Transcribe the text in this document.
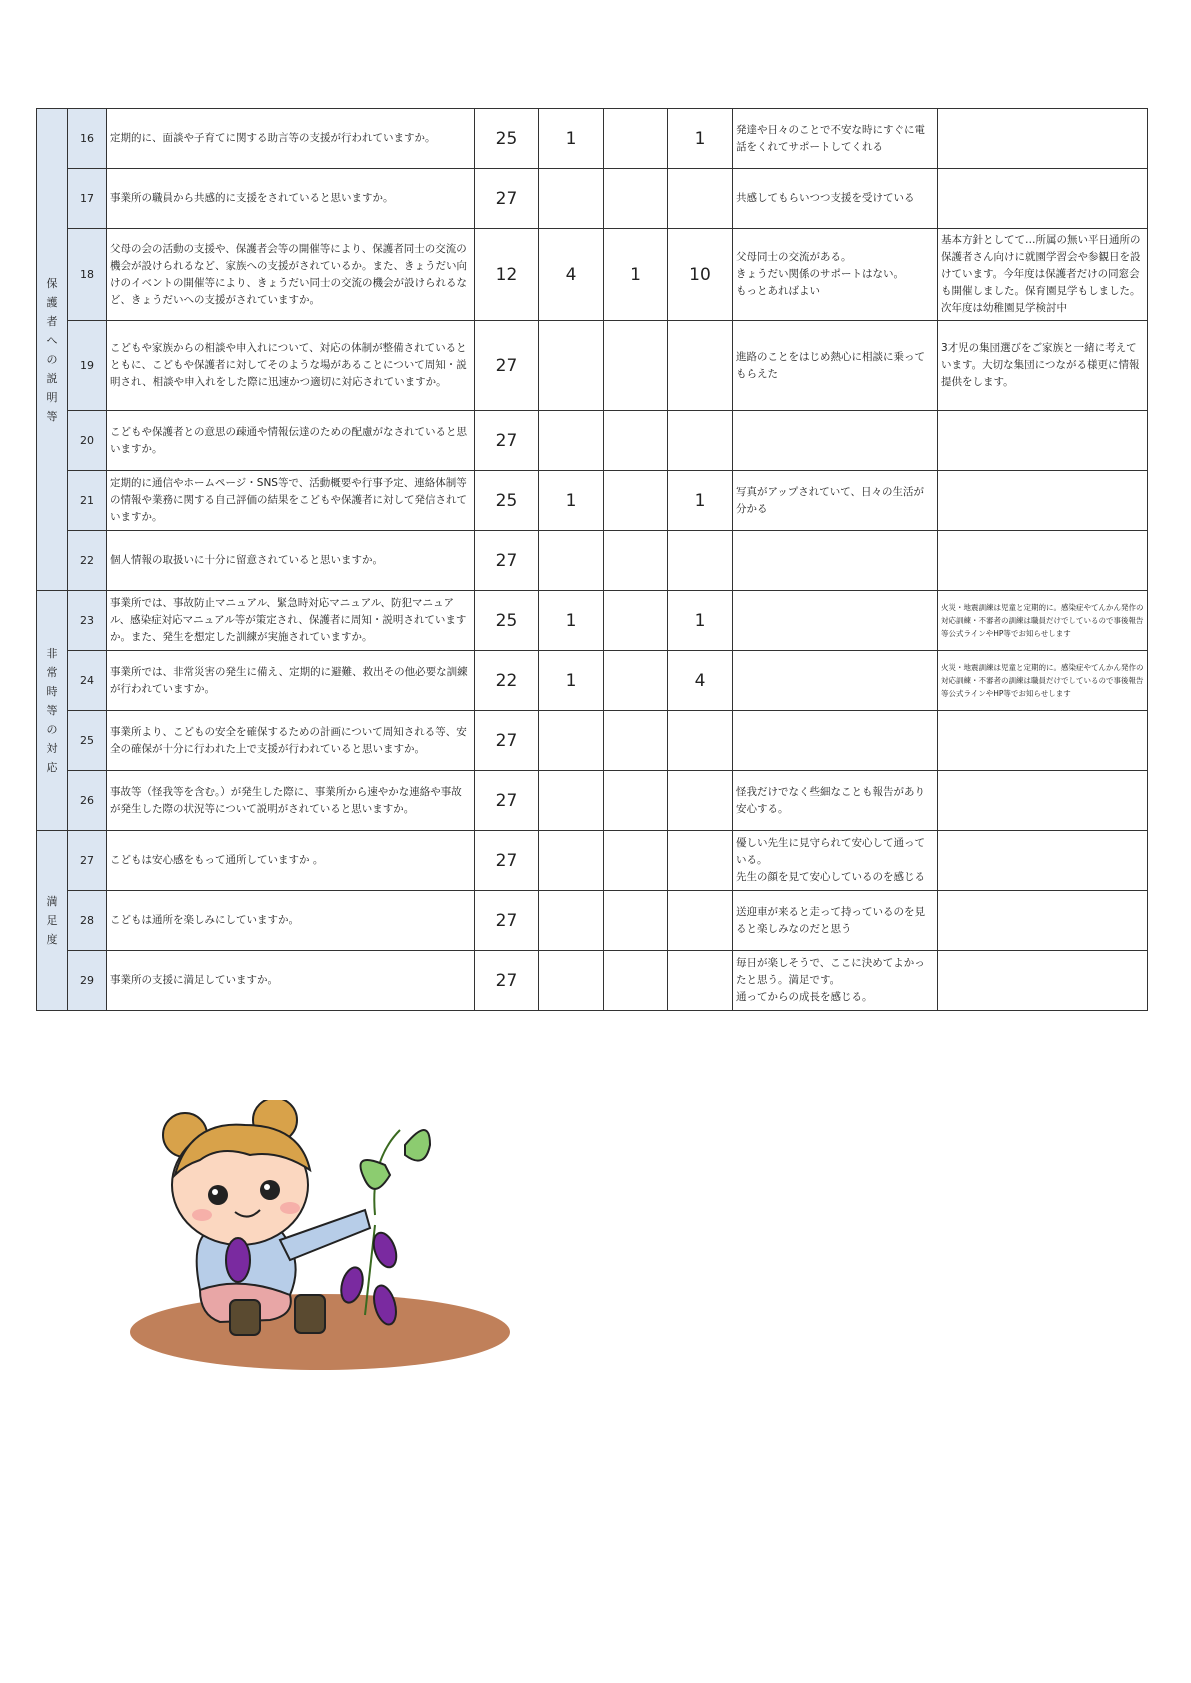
保護者への説明等	16	定期的に、面談や子育てに関する助言等の支援が行われていますか。	25	1		1	発達や日々のことで不安な時にすぐに電話をくれてサポートしてくれる	

	17	事業所の職員から共感的に支援をされていると思いますか。	27				共感してもらいつつ支援を受けている	

	18	父母の会の活動の支援や、保護者会等の開催等により、保護者同士の交流の機会が設けられるなど、家族への支援がされているか。また、きょうだい向けのイベントの開催等により、きょうだい同士の交流の機会が設けられるなど、きょうだいへの支援がされていますか。	12	4	1	10	父母同士の交流がある。
きょうだい関係のサポートはない。
もっとあればよい	基本方針としてて…所属の無い平日通所の保護者さん向けに就園学習会や参観日を設けています。今年度は保護者だけの同窓会も開催しました。保育園見学もしました。次年度は幼稚園見学検討中

	19	こどもや家族からの相談や申入れについて、対応の体制が整備されているとともに、こどもや保護者に対してそのような場があることについて周知・説明され、相談や申入れをした際に迅速かつ適切に対応されていますか。	27				進路のことをはじめ熱心に相談に乗ってもらえた	3才児の集団選びをご家族と一緒に考えています。大切な集団につながる様更に情報提供をします。

	20	こどもや保護者との意思の疎通や情報伝達のための配慮がなされていると思いますか。	27				

	21	定期的に通信やホームページ・SNS等で、活動概要や行事予定、連絡体制等の情報や業務に関する自己評価の結果をこどもや保護者に対して発信されていますか。	25	1		1	写真がアップされていて、日々の生活が分かる	

	22	個人情報の取扱いに十分に留意されていると思いますか。	27				

非常時等の対応	23	事業所では、事故防止マニュアル、緊急時対応マニュアル、防犯マニュアル、感染症対応マニュアル等が策定され、保護者に周知・説明されていますか。また、発生を想定した訓練が実施されていますか。	25	1		1		火災・地震訓練は児童と定期的に。感染症やてんかん発作の対応訓練・不審者の訓練は職員だけでしているので事後報告等公式ラインやHP等でお知らせします

	24	事業所では、非常災害の発生に備え、定期的に避難、救出その他必要な訓練が行われていますか。	22	1		4		火災・地震訓練は児童と定期的に。感染症やてんかん発作の対応訓練・不審者の訓練は職員だけでしているので事後報告等公式ラインやHP等でお知らせします

	25	事業所より、こどもの安全を確保するための計画について周知される等、安全の確保が十分に行われた上で支援が行われていると思いますか。	27				

	26	事故等（怪我等を含む。）が発生した際に、事業所から速やかな連絡や事故が発生した際の状況等について説明がされていると思いますか。	27				怪我だけでなく些細なことも報告があり安心する。	

満足度	27	こどもは安心感をもって通所していますか 。	27				優しい先生に見守られて安心して通っている。
先生の顔を見て安心しているのを感じる	

	28	こどもは通所を楽しみにしていますか。	27				送迎車が来ると走って持っているのを見ると楽しみなのだと思う	

	29	事業所の支援に満足していますか。	27				毎日が楽しそうで、ここに決めてよかったと思う。満足です。
通ってからの成長を感じる。	
